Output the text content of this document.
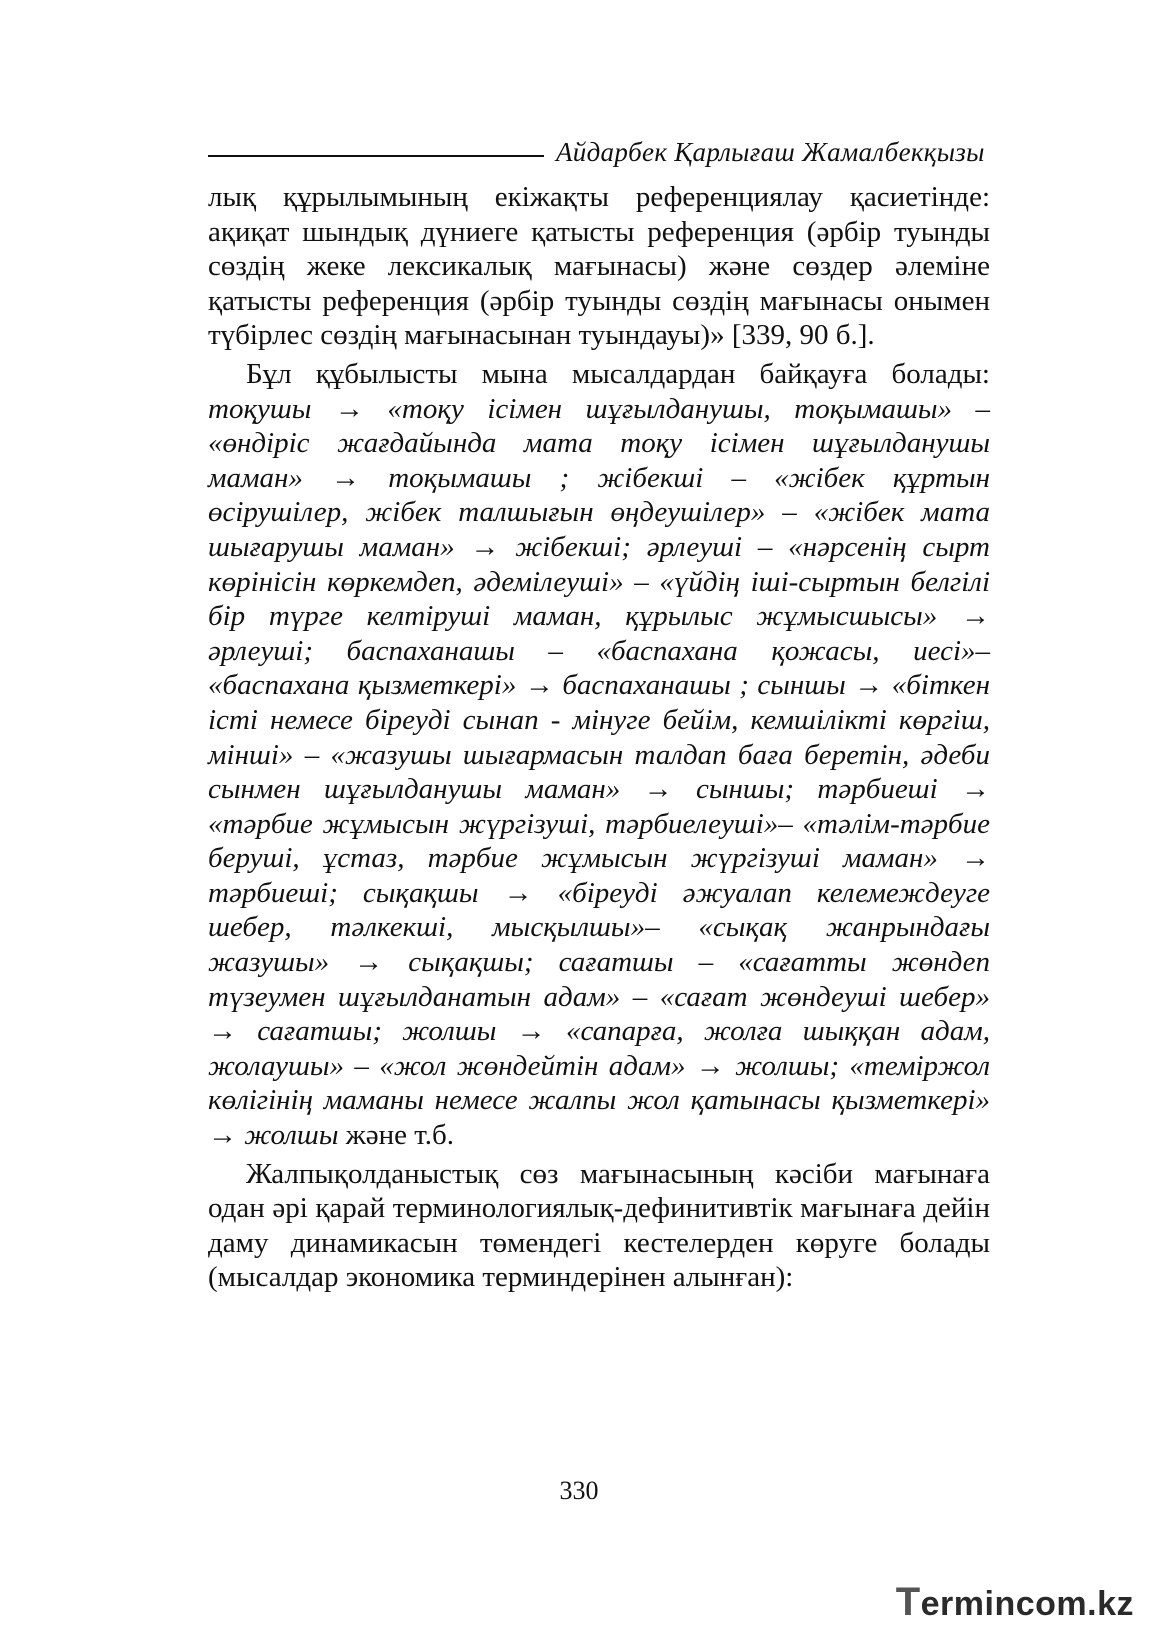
Айдарбек Қарлығаш Жамалбекқызы

лық құрылымының екіжақты референциялау қасиетінде: ақиқат шындық дүниеге қатысты референция (әрбір туынды сөздің жеке лексикалық мағынасы) және сөздер әлеміне қатысты референция (әрбір туынды сөздің мағынасы онымен түбірлес сөздің мағынасынан туындауы)» [339, 90 б.].

Бұл құбылысты мына мысалдардан байқауға болады: тоқушы → «тоқу ісімен шұғылданушы, тоқымашы» – «өндіріс жағдайында мата тоқу ісімен шұғылданушы маман» → тоқымашы ; жібекші – «жібек құртын өсірушілер, жібек талшығын өңдеушілер» – «жібек мата шығарушы маман» → жібекші; әрлеуші – «нәрсенің сырт көрінісін көркемдеп, әдемілеуші» – «үйдің іші-сыртын белгілі бір түрге келтіруші маман, құрылыс жұмысшысы» → әрлеуші; баспаханашы – «баспахана қожасы, иесі»– «баспахана қызметкері» → баспаханашы ; сыншы → «біткен істі немесе біреуді сынап - мінуге бейім, кемшілікті көргіш, мінші» – «жазушы шығармасын талдап баға беретін, әдеби сынмен шұғылданушы маман» → сыншы; тәрбиеші → «тәрбие жұмысын жүргізуші, тәрбиелеуші»– «тәлім-тәрбие беруші, ұстаз, тәрбие жұмысын жүргізуші маман» → тәрбиеші; сықақшы → «біреуді әжуалап келемеждеуге шебер, тәлкекші, мысқылшы»– «сықақ жанрындағы жазушы» → сықақшы; сағатшы – «сағатты жөндеп түзеумен шұғылданатын адам» – «сағат жөндеуші шебер» → сағатшы; жолшы → «сапарға, жолға шыққан адам, жолаушы» – «жол жөндейтін адам» → жолшы; «теміржол көлігінің маманы немесе жалпы жол қатынасы қызметкері» → жолшы және т.б.

Жалпықолданыстық сөз мағынасының кәсіби мағынаға одан әрі қарай терминологиялық-дефинитивтік мағынаға дейін даму динамикасын төмендегі кестелерден көруге болады (мысалдар экономика терминдерінен алынған):

330
Termincom.kz
